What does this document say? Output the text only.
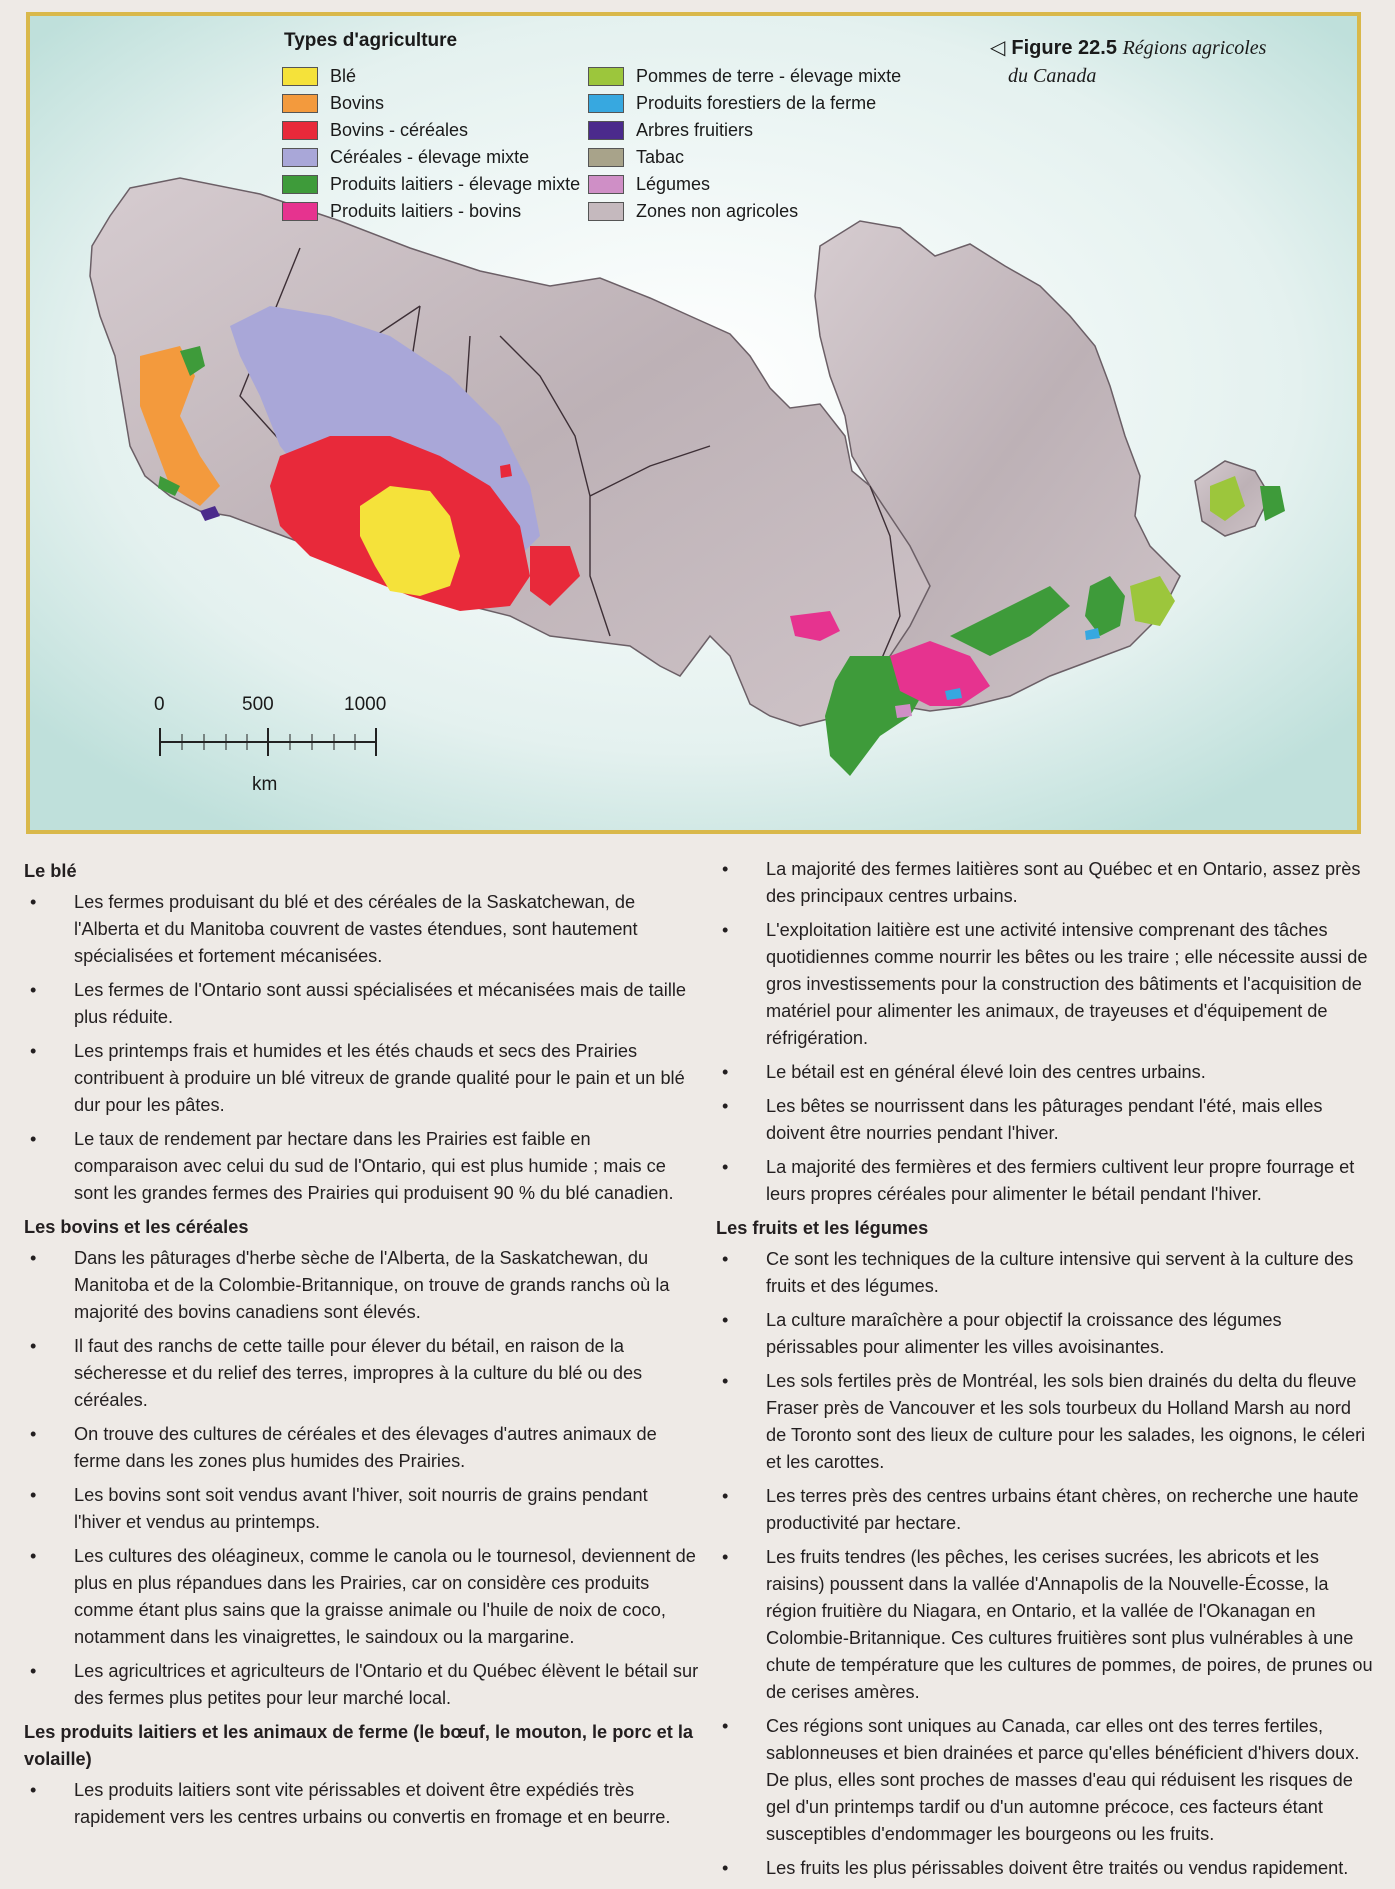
Types d'agriculture
Blé
Bovins
Bovins - céréales
Céréales - élevage mixte
Produits laitiers - élevage mixte
Produits laitiers - bovins
Pommes de terre - élevage mixte
Produits forestiers de la ferme
Arbres fruitiers
Tabac
Légumes
Zones non agricoles
◁ Figure 22.5 Régions agricoles
du Canada
0	500	1000
km
Le blé
•	Les fermes produisant du blé et des céréales de la Saskatchewan, de l'Alberta et du Manitoba couvrent de vastes étendues, sont hautement spécialisées et fortement mécanisées.
•	Les fermes de l'Ontario sont aussi spécialisées et mécanisées mais de taille plus réduite.
•	Les printemps frais et humides et les étés chauds et secs des Prairies contribuent à produire un blé vitreux de grande qualité pour le pain et un blé dur pour les pâtes.
•	Le taux de rendement par hectare dans les Prairies est faible en comparaison avec celui du sud de l'Ontario, qui est plus humide ; mais ce sont les grandes fermes des Prairies qui produisent 90 % du blé canadien.
Les bovins et les céréales
•	Dans les pâturages d'herbe sèche de l'Alberta, de la Saskatchewan, du Manitoba et de la Colombie-Britannique, on trouve de grands ranchs où la majorité des bovins canadiens sont élevés.
•	Il faut des ranchs de cette taille pour élever du bétail, en raison de la sécheresse et du relief des terres, impropres à la culture du blé ou des céréales.
•	On trouve des cultures de céréales et des élevages d'autres animaux de ferme dans les zones plus humides des Prairies.
•	Les bovins sont soit vendus avant l'hiver, soit nourris de grains pendant l'hiver et vendus au printemps.
•	Les cultures des oléagineux, comme le canola ou le tournesol, deviennent de plus en plus répandues dans les Prairies, car on considère ces produits comme étant plus sains que la graisse animale ou l'huile de noix de coco, notamment dans les vinaigrettes, le saindoux ou la margarine.
•	Les agricultrices et agriculteurs de l'Ontario et du Québec élèvent le bétail sur des fermes plus petites pour leur marché local.
Les produits laitiers et les animaux de ferme (le bœuf, le mouton, le porc et la volaille)
•	Les produits laitiers sont vite périssables et doivent être expédiés très rapidement vers les centres urbains ou convertis en fromage et en beurre.
•	La majorité des fermes laitières sont au Québec et en Ontario, assez près des principaux centres urbains.
•	L'exploitation laitière est une activité intensive comprenant des tâches quotidiennes comme nourrir les bêtes ou les traire ; elle nécessite aussi de gros investissements pour la construction des bâtiments et l'acquisition de matériel pour alimenter les animaux, de trayeuses et d'équipement de réfrigération.
•	Le bétail est en général élevé loin des centres urbains.
•	Les bêtes se nourrissent dans les pâturages pendant l'été, mais elles doivent être nourries pendant l'hiver.
•	La majorité des fermières et des fermiers cultivent leur propre fourrage et leurs propres céréales pour alimenter le bétail pendant l'hiver.
Les fruits et les légumes
•	Ce sont les techniques de la culture intensive qui servent à la culture des fruits et des légumes.
•	La culture maraîchère a pour objectif la croissance des légumes périssables pour alimenter les villes avoisinantes.
•	Les sols fertiles près de Montréal, les sols bien drainés du delta du fleuve Fraser près de Vancouver et les sols tourbeux du Holland Marsh au nord de Toronto sont des lieux de culture pour les salades, les oignons, le céleri et les carottes.
•	Les terres près des centres urbains étant chères, on recherche une haute productivité par hectare.
•	Les fruits tendres (les pêches, les cerises sucrées, les abricots et les raisins) poussent dans la vallée d'Annapolis de la Nouvelle-Écosse, la région fruitière du Niagara, en Ontario, et la vallée de l'Okanagan en Colombie-Britannique. Ces cultures fruitières sont plus vulnérables à une chute de température que les cultures de pommes, de poires, de prunes ou de cerises amères.
•	Ces régions sont uniques au Canada, car elles ont des terres fertiles, sablonneuses et bien drainées et parce qu'elles bénéficient d'hivers doux. De plus, elles sont proches de masses d'eau qui réduisent les risques de gel d'un printemps tardif ou d'un automne précoce, ces facteurs étant susceptibles d'endommager les bourgeons ou les fruits.
•	Les fruits les plus périssables doivent être traités ou vendus rapidement.
